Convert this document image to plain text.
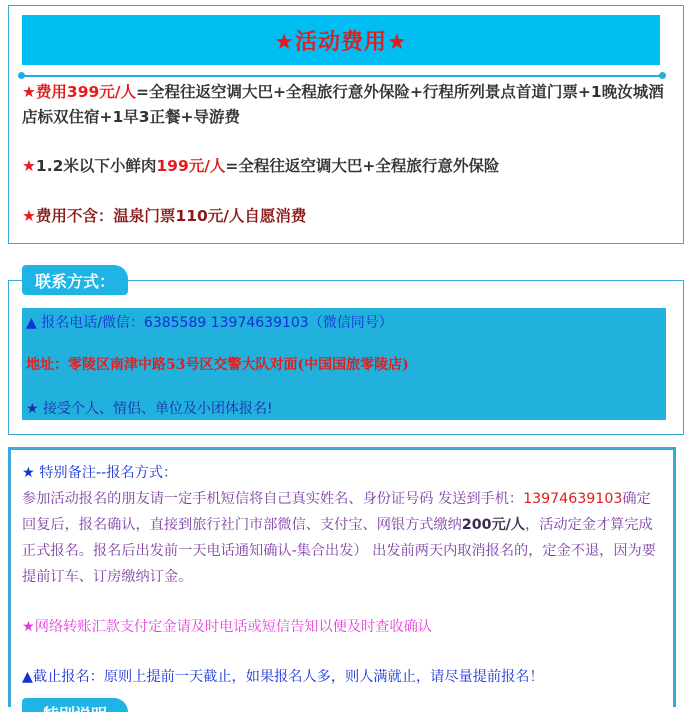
★活动费用★
★费用399元/人=全程往返空调大巴+全程旅行意外保险+行程所列景点首道门票+1晚汝城酒店标双住宿+1早3正餐+导游费
★1.2米以下小鲜肉199元/人=全程往返空调大巴+全程旅行意外保险
★费用不含：温泉门票110元/人自愿消费
联系方式：
▲ 报名电话/微信：6385589 13974639103（微信同号）
地址：零陵区南津中路53号区交警大队对面(中国国旅零陵店)
★ 接受个人、情侣、单位及小团体报名!
★ 特别备注--报名方式：
参加活动报名的朋友请一定手机短信将自己真实姓名、身份证号码 发送到手机：13974639103确定回复后，报名确认，直接到旅行社门市部微信、支付宝、网银方式缴纳200元/人，活动定金才算完成正式报名。报名后出发前一天电话通知确认-集合出发） 出发前两天内取消报名的，定金不退，因为要提前订车、订房缴纳订金。
★网络转账汇款支付定金请及时电话或短信告知以便及时查收确认
▲截止报名：原则上提前一天截止，如果报名人多，则人满就止，请尽量提前报名！
特别说明
